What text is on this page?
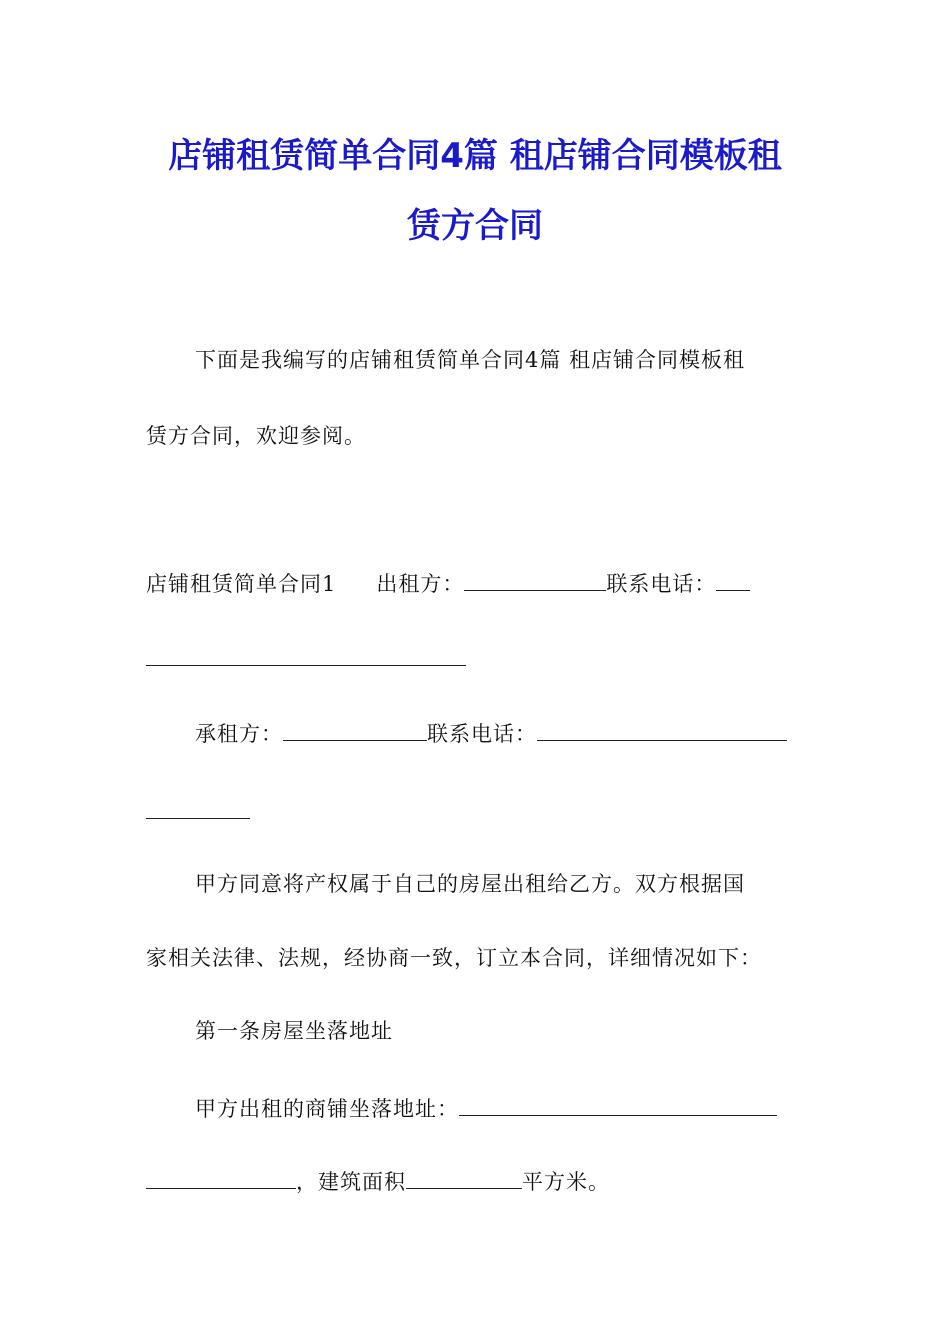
店铺租赁简单合同4篇 租店铺合同模板租
赁方合同
下面是我编写的店铺租赁简单合同4篇 租店铺合同模板租
赁方合同，欢迎参阅。
店铺租赁简单合同1 出租方：	联系电话：
承租方：	联系电话：
甲方同意将产权属于自己的房屋出租给乙方。双方根据国
家相关法律、法规，经协商一致，订立本合同，详细情况如下：
第一条房屋坐落地址
甲方出租的商铺坐落地址：
，建筑面积	平方米。
